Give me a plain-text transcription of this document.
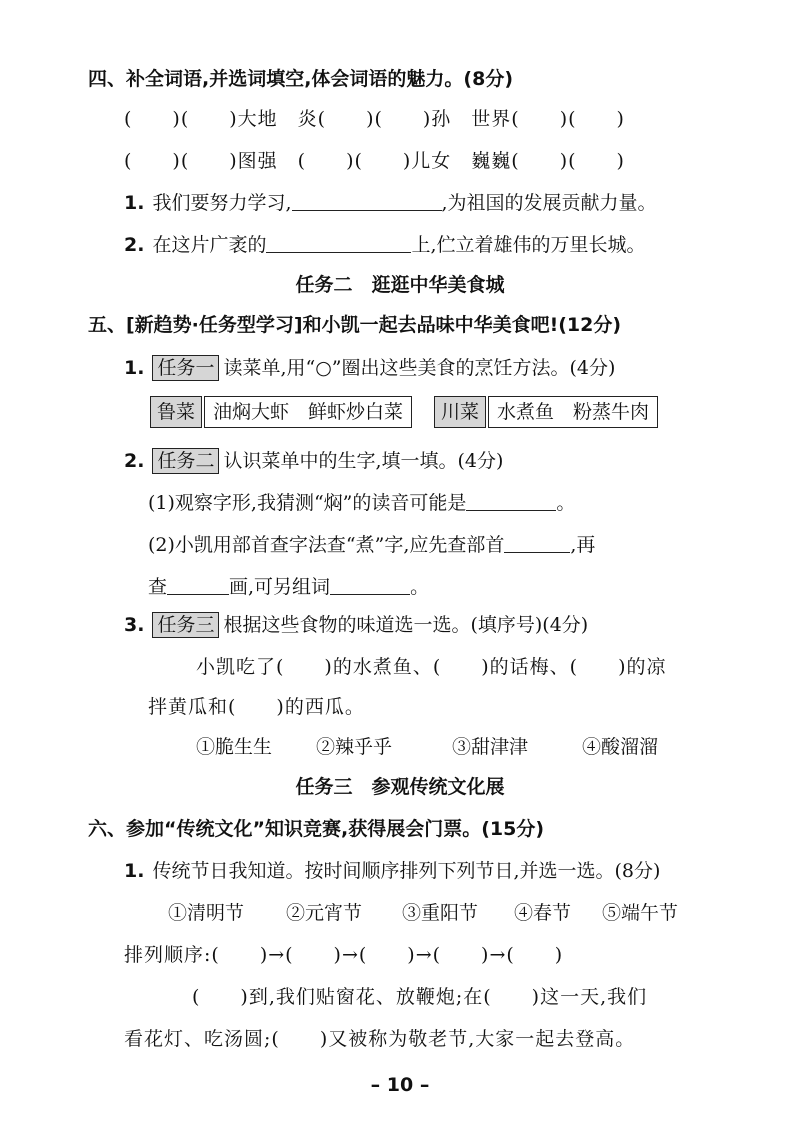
四、补全词语,并选词填空,体会词语的魅力。(8分)
(　　)(　　)大地　炎(　　)(　　)孙　世界(　　)(　　)
(　　)(　　)图强　(　　)(　　)儿女　巍巍(　　)(　　)
1. 我们要努力学习,	,为祖国的发展贡献力量。
2. 在这片广袤的	上,伫立着雄伟的万里长城。
任务二　逛逛中华美食城
五、[新趋势·任务型学习]和小凯一起去品味中华美食吧!(12分)
1. 任务一 读菜单,用“○”圈出这些美食的烹饪方法。(4分)
鲁菜 油焖大虾　鲜虾炒白菜	川菜 水煮鱼　粉蒸牛肉
2. 任务二 认识菜单中的生字,填一填。(4分)
(1)观察字形,我猜测“焖”的读音可能是	。
(2)小凯用部首查字法查“煮”字,应先查部首	,再
查	画,可另组词	。
3. 任务三 根据这些食物的味道选一选。(填序号)(4分)
小凯吃了(　　)的水煮鱼、(　　)的话梅、(　　)的凉
拌黄瓜和(　　)的西瓜。
①脆生生 ②辣乎乎	③甜津津	④酸溜溜
任务三　参观传统文化展
六、参加“传统文化”知识竞赛,获得展会门票。(15分)
1. 传统节日我知道。按时间顺序排列下列节日,并选一选。(8分)
①清明节 ②元宵节 ③重阳节 ④春节 ⑤端午节
排列顺序:(　　)→(　　)→(　　)→(　　)→(　　)
(　　)到,我们贴窗花、放鞭炮;在(　　)这一天,我们
看花灯、吃汤圆;(　　)又被称为敬老节,大家一起去登高。
– 10 –
